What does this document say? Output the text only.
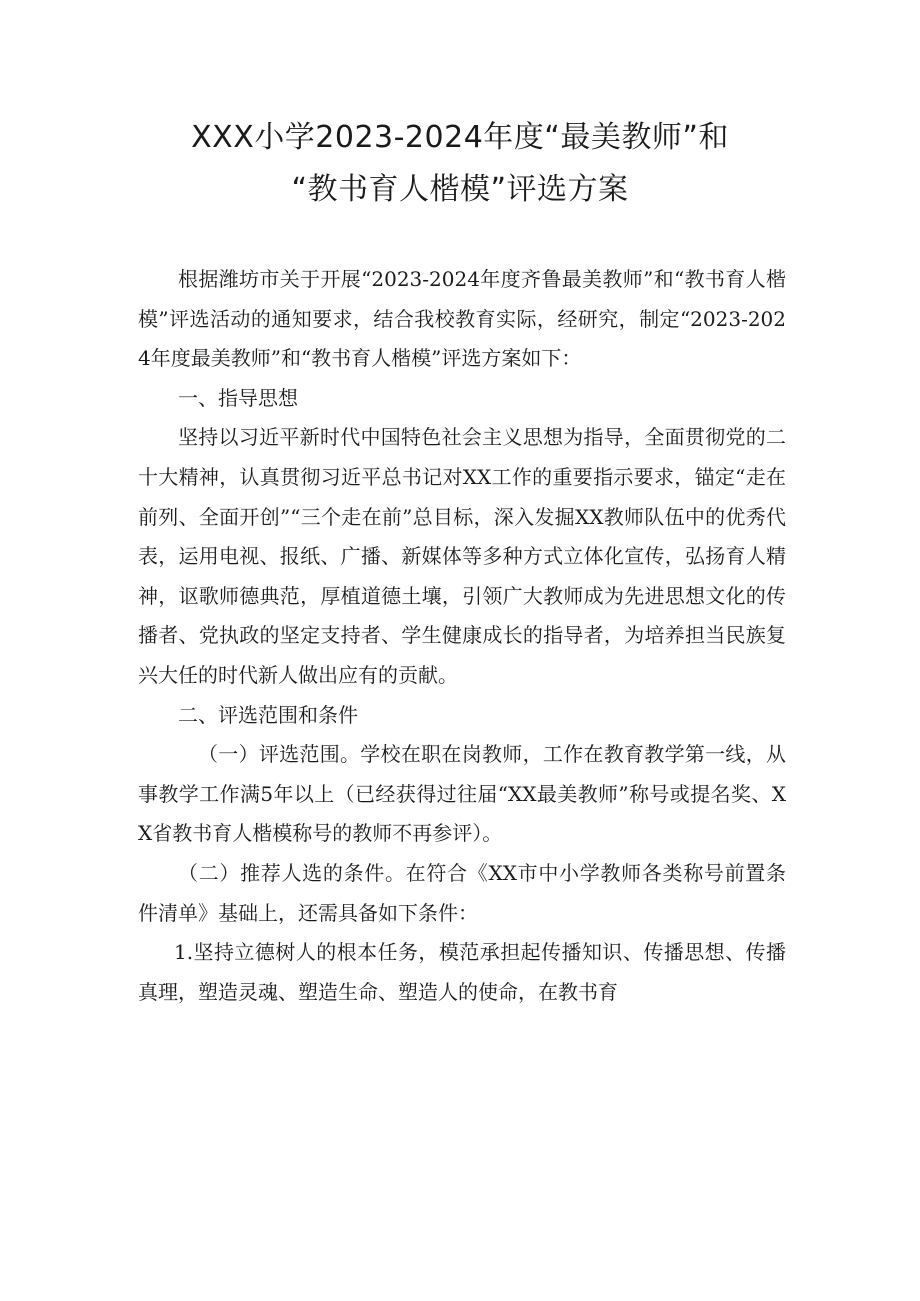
XXX小学2023-2024年度“最美教师”和
“教书育人楷模”评选方案

根据潍坊市关于开展“2023-2024年度齐鲁最美教师”和“教书育人楷模”评选活动的通知要求，结合我校教育实际，经研究，制定“2023-2024年度最美教师”和“教书育人楷模”评选方案如下：

一、指导思想

坚持以习近平新时代中国特色社会主义思想为指导，全面贯彻党的二十大精神，认真贯彻习近平总书记对XX工作的重要指示要求，锚定“走在前列、全面开创”“三个走在前”总目标，深入发掘XX教师队伍中的优秀代表，运用电视、报纸、广播、新媒体等多种方式立体化宣传，弘扬育人精神，讴歌师德典范，厚植道德土壤，引领广大教师成为先进思想文化的传播者、党执政的坚定支持者、学生健康成长的指导者，为培养担当民族复兴大任的时代新人做出应有的贡献。

二、评选范围和条件

（一）评选范围。学校在职在岗教师，工作在教育教学第一线，从事教学工作满5年以上（已经获得过往届“XX最美教师”称号或提名奖、XX省教书育人楷模称号的教师不再参评）。

（二）推荐人选的条件。在符合《XX市中小学教师各类称号前置条件清单》基础上，还需具备如下条件：

1.坚持立德树人的根本任务，模范承担起传播知识、传播思想、传播真理，塑造灵魂、塑造生命、塑造人的使命，在教书育
